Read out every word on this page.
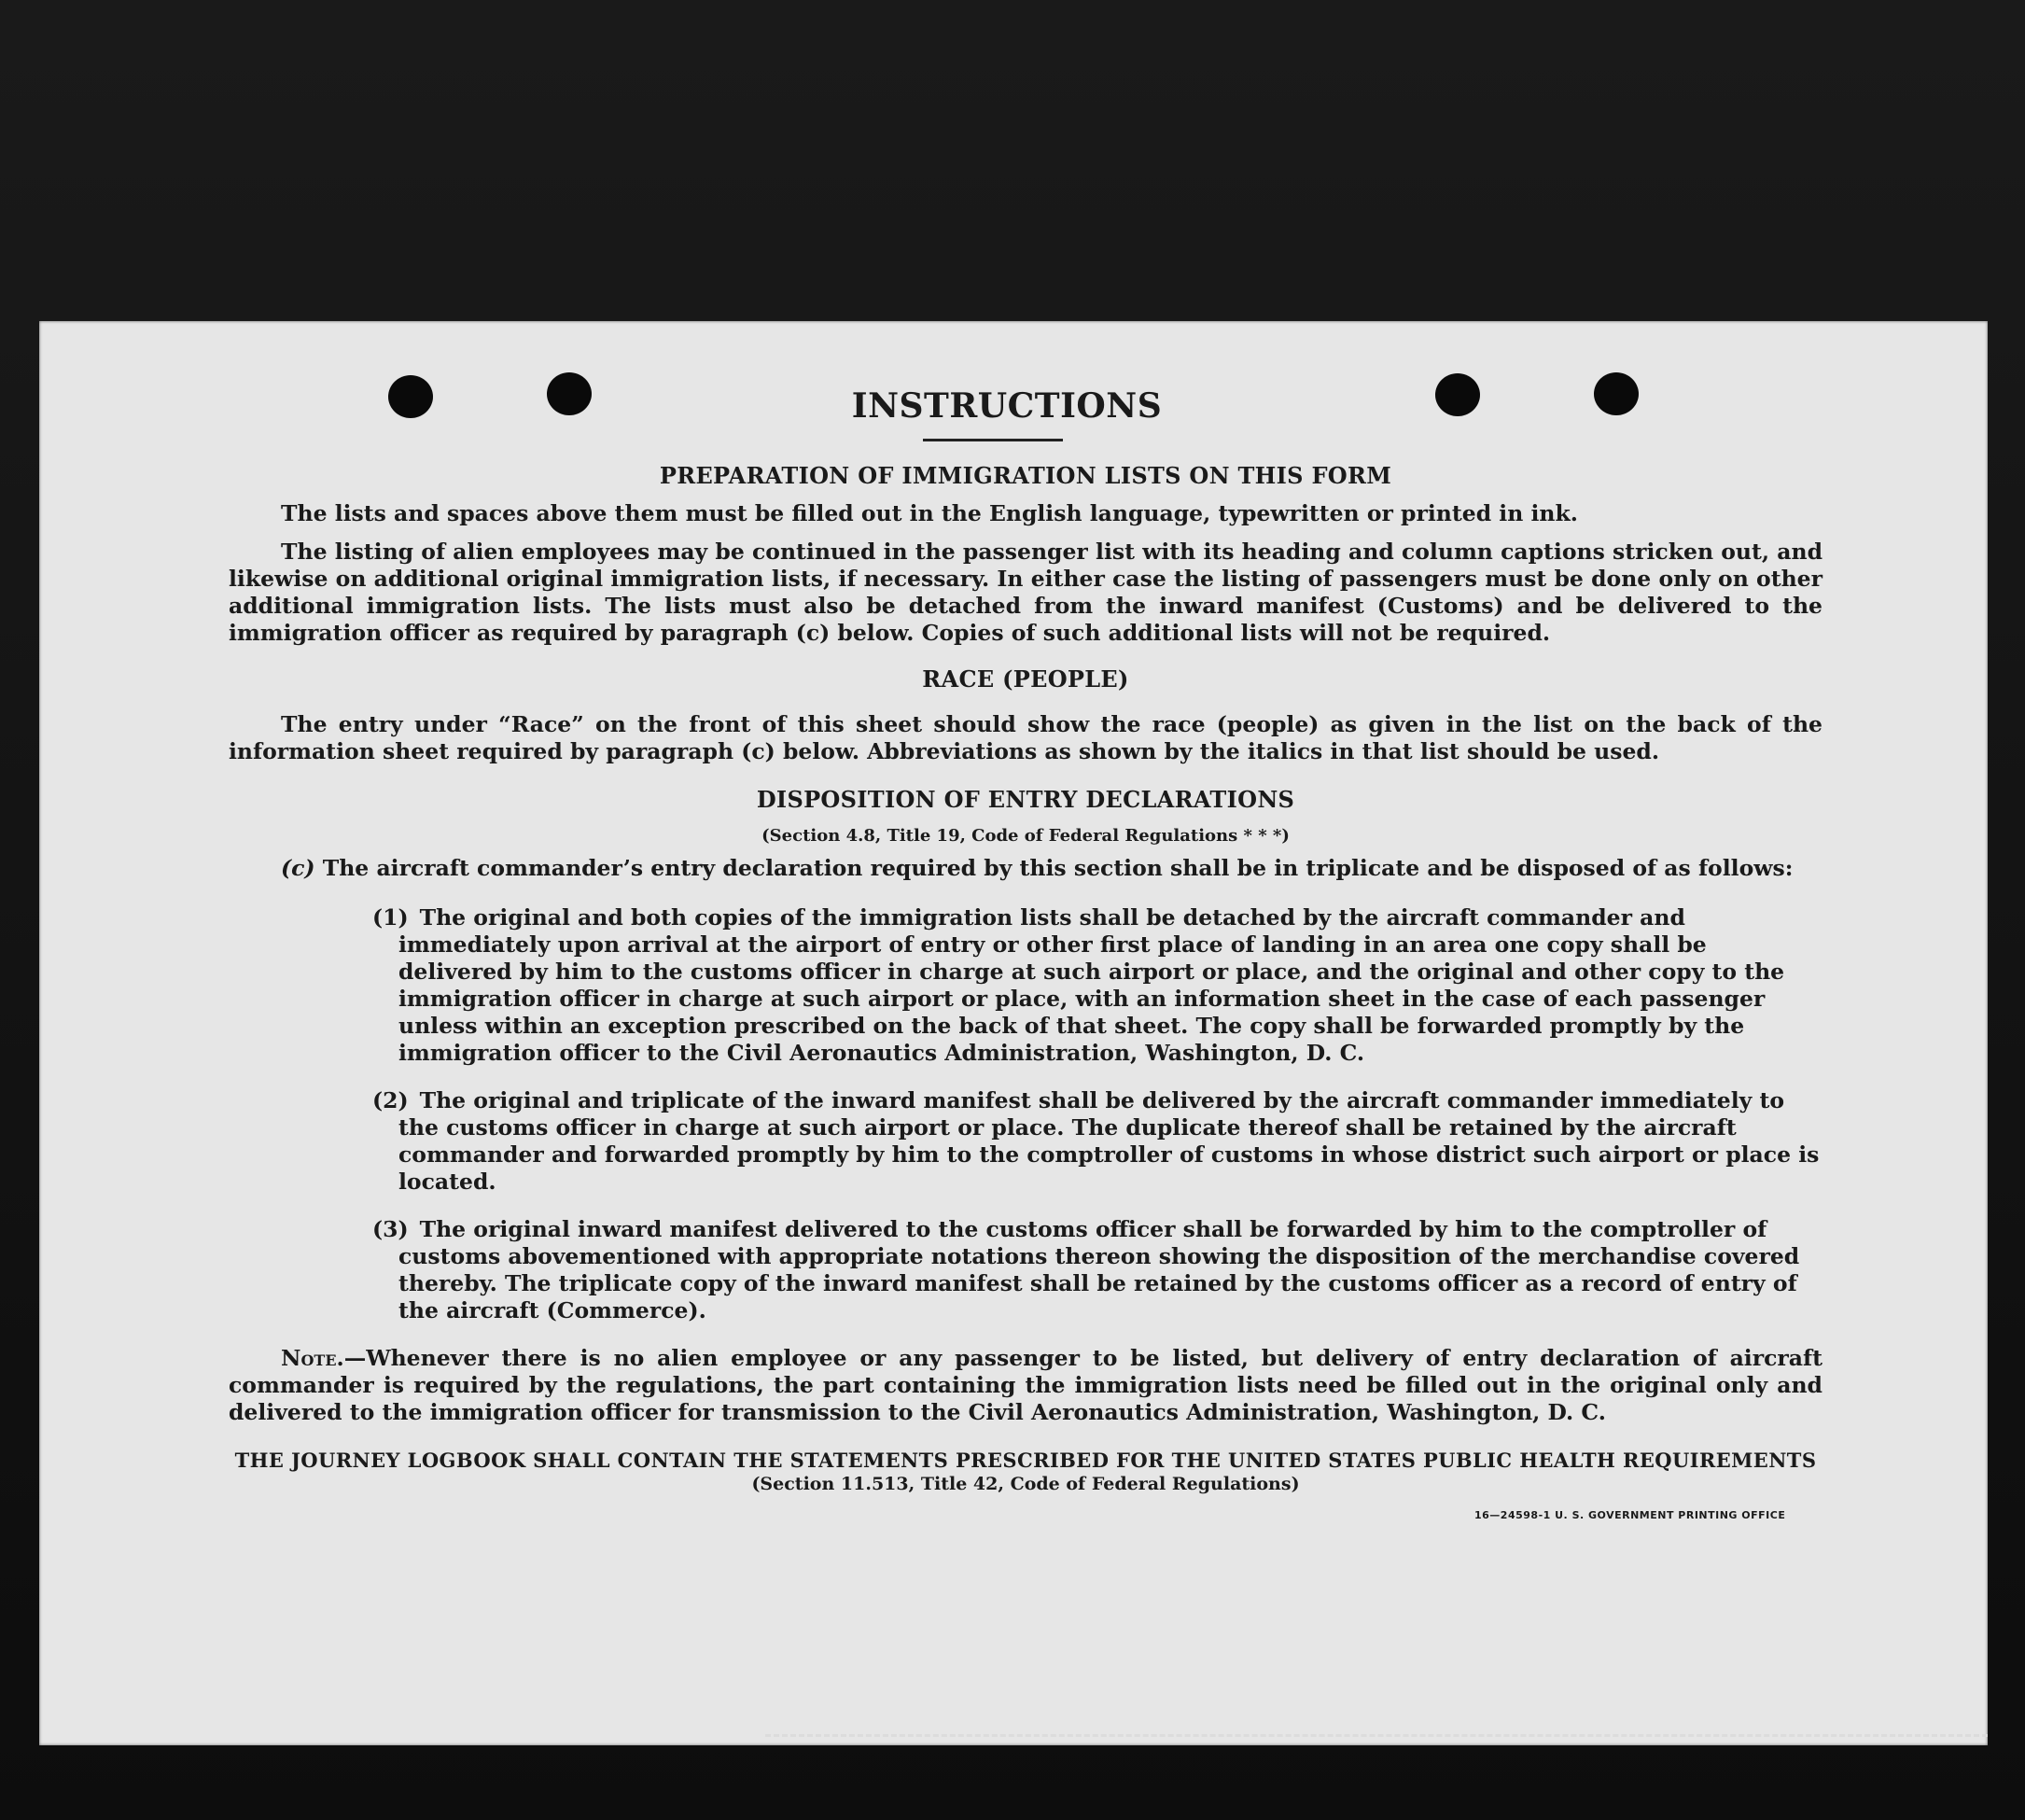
INSTRUCTIONS
PREPARATION OF IMMIGRATION LISTS ON THIS FORM

The lists and spaces above them must be filled out in the English language, typewritten or printed in ink.

The listing of alien employees may be continued in the passenger list with its heading and column captions stricken out, and likewise on additional original immigration lists, if necessary. In either case the listing of passengers must be done only on other additional immigration lists. The lists must also be detached from the inward manifest (Customs) and be delivered to the immigration officer as required by paragraph (c) below. Copies of such additional lists will not be required.

RACE (PEOPLE)

The entry under “Race” on the front of this sheet should show the race (people) as given in the list on the back of the information sheet required by paragraph (c) below. Abbreviations as shown by the italics in that list should be used.

DISPOSITION OF ENTRY DECLARATIONS
(Section 4.8, Title 19, Code of Federal Regulations * * *)

(c) The aircraft commander’s entry declaration required by this section shall be in triplicate and be disposed of as follows:

(1) The original and both copies of the immigration lists shall be detached by the aircraft commander and immediately upon arrival at the airport of entry or other first place of landing in an area one copy shall be delivered by him to the customs officer in charge at such airport or place, and the original and other copy to the immigration officer in charge at such airport or place, with an information sheet in the case of each passenger unless within an exception prescribed on the back of that sheet. The copy shall be forwarded promptly by the immigration officer to the Civil Aeronautics Administration, Washington, D. C.
(2) The original and triplicate of the inward manifest shall be delivered by the aircraft commander immediately to the customs officer in charge at such airport or place. The duplicate thereof shall be retained by the aircraft commander and forwarded promptly by him to the comptroller of customs in whose district such airport or place is located.
(3) The original inward manifest delivered to the customs officer shall be forwarded by him to the comptroller of customs abovementioned with appropriate notations thereon showing the disposition of the merchandise covered thereby. The triplicate copy of the inward manifest shall be retained by the customs officer as a record of entry of the aircraft (Commerce).

Note.—Whenever there is no alien employee or any passenger to be listed, but delivery of entry declaration of aircraft commander is required by the regulations, the part containing the immigration lists need be filled out in the original only and delivered to the immigration officer for transmission to the Civil Aeronautics Administration, Washington, D. C.

THE JOURNEY LOGBOOK SHALL CONTAIN THE STATEMENTS PRESCRIBED FOR THE UNITED STATES PUBLIC HEALTH REQUIREMENTS
(Section 11.513, Title 42, Code of Federal Regulations)
16—24598-1 U. S. GOVERNMENT PRINTING OFFICE
